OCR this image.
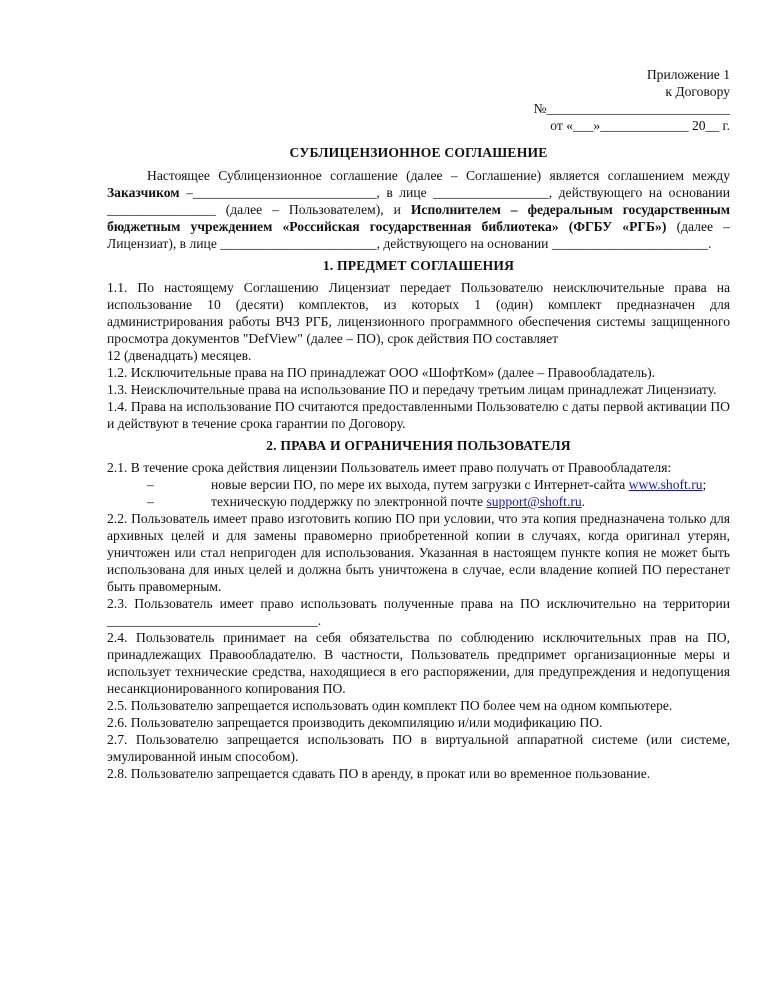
Приложение 1
к Договору
№___________________________
от «___»_____________ 20__ г.
СУБЛИЦЕНЗИОННОЕ СОГЛАШЕНИЕ

Настоящее Сублицензионное соглашение (далее – Соглашение) является соглашением между Заказчиком –___________________________, в лице _________________, действующего на основании ________________ (далее – Пользователем), и Исполнителем – федеральным государственным бюджетным учреждением «Российская государственная библиотека» (ФГБУ «РГБ») (далее – Лицензиат), в лице _______________________, действующего на основании _______________________.

1. ПРЕДМЕТ СОГЛАШЕНИЯ

1.1. По настоящему Соглашению Лицензиат передает Пользователю неисключительные права на использование 10 (десяти) комплектов, из которых 1 (один) комплект предназначен для администрирования работы ВЧЗ РГБ, лицензионного программного обеспечения системы защищенного просмотра документов "DefView" (далее – ПО), срок действия ПО составляет

12 (двенадцать) месяцев.

1.2. Исключительные права на ПО принадлежат ООО «ШофтКом» (далее – Правообладатель).

1.3. Неисключительные права на использование ПО и передачу третьим лицам принадлежат Лицензиату.

1.4. Права на использование ПО считаются предоставленными Пользователю с даты первой активации ПО и действуют в течение срока гарантии по Договору.

2. ПРАВА И ОГРАНИЧЕНИЯ ПОЛЬЗОВАТЕЛЯ

2.1. В течение срока действия лицензии Пользователь имеет право получать от Правообладателя:

–	новые версии ПО, по мере их выхода, путем загрузки с Интернет-сайта www.shoft.ru;
–	техническую поддержку по электронной почте support@shoft.ru.

2.2. Пользователь имеет право изготовить копию ПО при условии, что эта копия предназначена только для архивных целей и для замены правомерно приобретенной копии в случаях, когда оригинал утерян, уничтожен или стал непригоден для использования. Указанная в настоящем пункте копия не может быть использована для иных целей и должна быть уничтожена в случае, если владение копией ПО перестанет быть правомерным.

2.3. Пользователь имеет право использовать полученные права на ПО исключительно на территории _______________________________.

2.4. Пользователь принимает на себя обязательства по соблюдению исключительных прав на ПО, принадлежащих Правообладателю. В частности, Пользователь предпримет организационные меры и использует технические средства, находящиеся в его распоряжении, для предупреждения и недопущения несанкционированного копирования ПО.

2.5. Пользователю запрещается использовать один комплект ПО более чем на одном компьютере.

2.6. Пользователю запрещается производить декомпиляцию и/или модификацию ПО.

2.7. Пользователю запрещается использовать ПО в виртуальной аппаратной системе (или системе, эмулированной иным способом).

2.8. Пользователю запрещается сдавать ПО в аренду, в прокат или во временное пользование.
